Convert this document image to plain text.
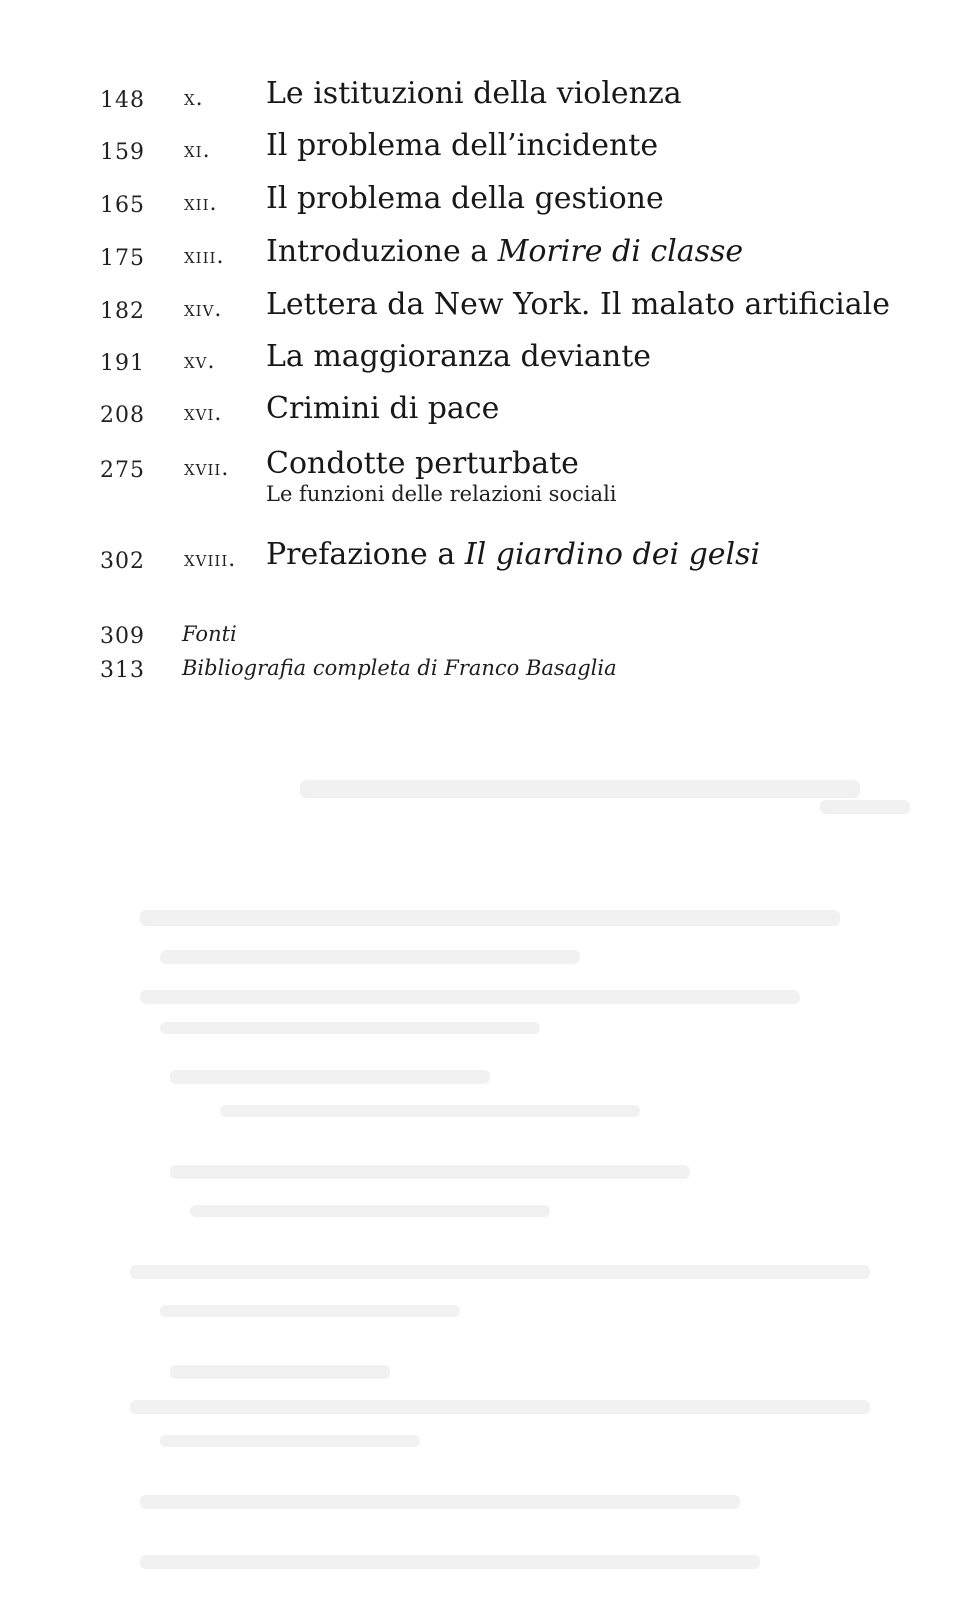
148 x. Le istituzioni della violenza
159 xi. Il problema dell’incidente
165 xii. Il problema della gestione
175 xiii. Introduzione a Morire di classe
182 xiv. Lettera da New York. Il malato artificiale
191 xv. La maggioranza deviante
208 xvi. Crimini di pace
275 xvii. Condotte perturbate
Le funzioni delle relazioni sociali
302 xviii. Prefazione a Il giardino dei gelsi
309 Fonti
313 Bibliografia completa di Franco Basaglia
